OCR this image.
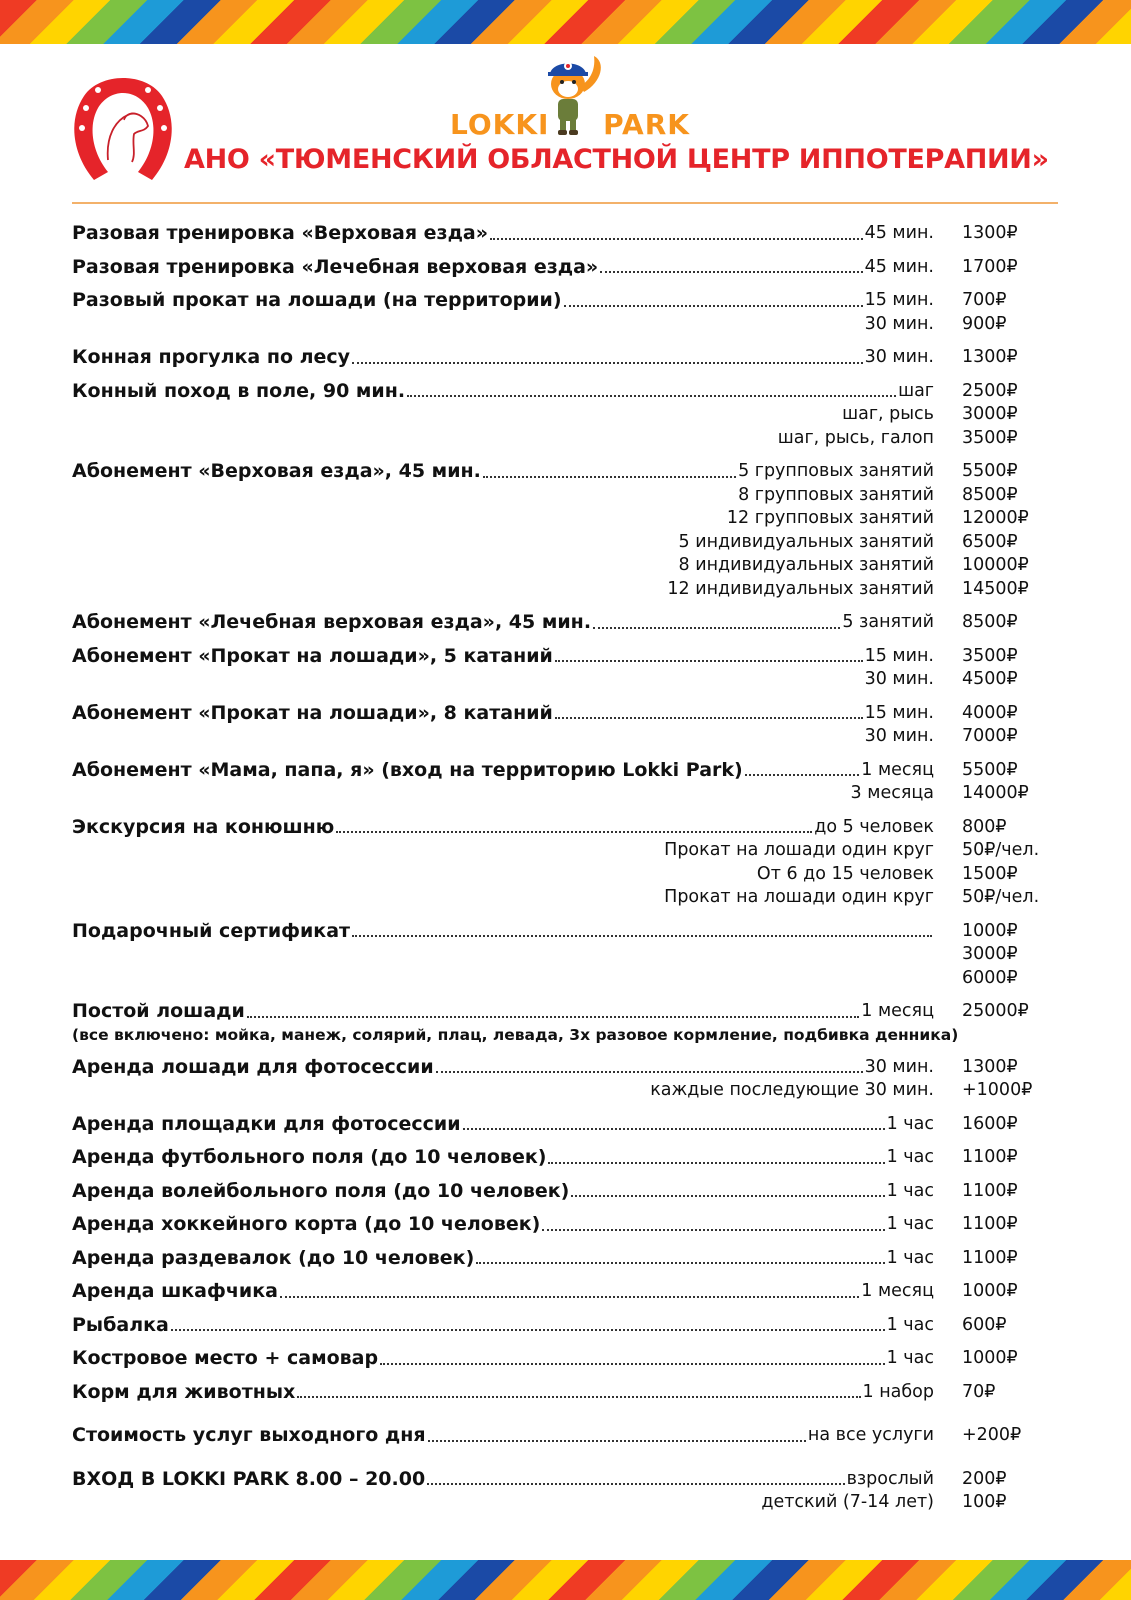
LOKKI PARK
АНО «ТЮМЕНСКИЙ ОБЛАСТНОЙ ЦЕНТР ИППОТЕРАПИИ»
Разовая тренировка «Верховая езда»	45 мин.	1300₽
Разовая тренировка «Лечебная верховая езда»	45 мин.	1700₽
Разовый прокат на лошади (на территории)	15 мин.	700₽
30 мин.	900₽
Конная прогулка по лесу	30 мин.	1300₽
Конный поход в поле, 90 мин.	шаг	2500₽
шаг, рысь	3000₽
шаг, рысь, галоп	3500₽
Абонемент «Верховая езда», 45 мин.	5 групповых занятий	5500₽
8 групповых занятий	8500₽
12 групповых занятий	12000₽
5 индивидуальных занятий	6500₽
8 индивидуальных занятий	10000₽
12 индивидуальных занятий	14500₽
Абонемент «Лечебная верховая езда», 45 мин.	5 занятий	8500₽
Абонемент «Прокат на лошади», 5 катаний	15 мин.	3500₽
30 мин.	4500₽
Абонемент «Прокат на лошади», 8 катаний	15 мин.	4000₽
30 мин.	7000₽
Абонемент «Мама, папа, я» (вход на территорию Lokki Park)	1 месяц	5500₽
3 месяца	14000₽
Экскурсия на конюшню	до 5 человек	800₽
Прокат на лошади один круг	50₽/чел.
От 6 до 15 человек	1500₽
Прокат на лошади один круг	50₽/чел.
Подарочный сертификат	1000₽
3000₽
6000₽
Постой лошади	1 месяц	25000₽
(все включено: мойка, манеж, солярий, плац, левада, 3х разовое кормление, подбивка денника)
Аренда лошади для фотосессии	30 мин.	1300₽
каждые последующие 30 мин.	+1000₽
Аренда площадки для фотосессии	1 час	1600₽
Аренда футбольного поля (до 10 человек)	1 час	1100₽
Аренда волейбольного поля (до 10 человек)	1 час	1100₽
Аренда хоккейного корта (до 10 человек)	1 час	1100₽
Аренда раздевалок (до 10 человек)	1 час	1100₽
Аренда шкафчика	1 месяц	1000₽
Рыбалка	1 час	600₽
Костровое место + самовар	1 час	1000₽
Корм для животных	1 набор	70₽
Стоимость услуг выходного дня	на все услуги	+200₽
ВХОД В LOKKI PARK 8.00 – 20.00	взрослый	200₽
детский (7-14 лет)	100₽
